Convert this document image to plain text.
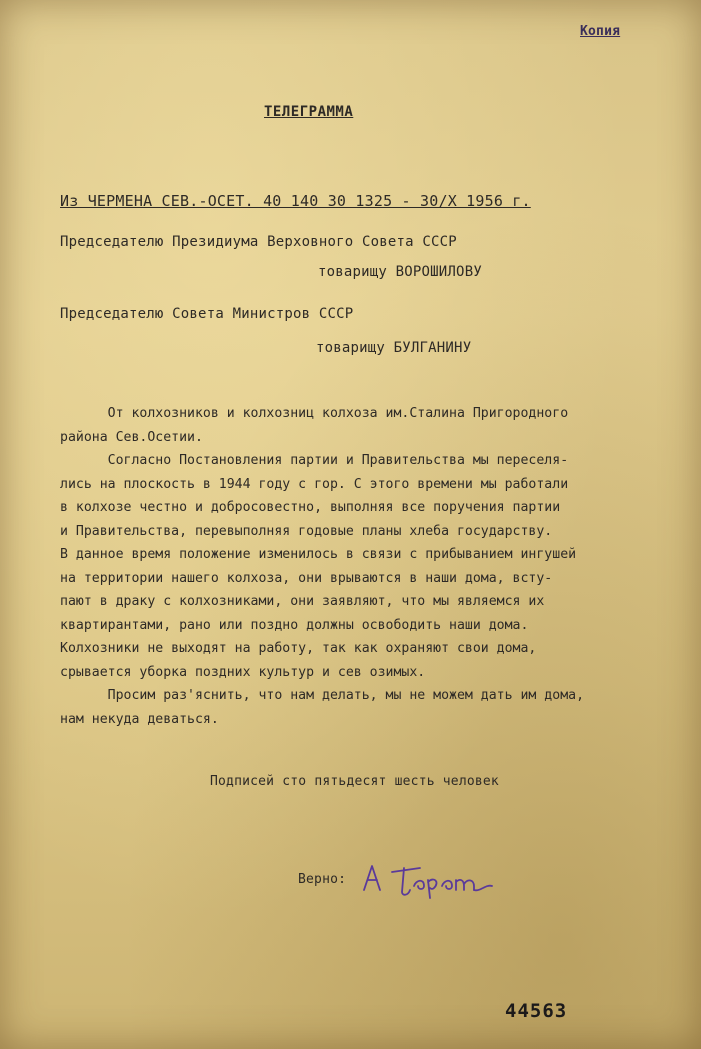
Копия
ТЕЛЕГРАММА
Из ЧЕРМЕНА СЕВ.-ОСЕТ. 40 140 30 1325 - 30/X 1956 г.
Председателю Президиума Верховного Совета СССР
товарищу ВОРОШИЛОВУ
Председателю Совета Министров СССР
товарищу БУЛГАНИНУ
От колхозников и колхозниц колхоза им.Сталина Пригородного
района Сев.Осетии.
Согласно Постановления партии и Правительства мы переселя-
лись на плоскость в 1944 году с гор. С этого времени мы работали
в колхозе честно и добросовестно, выполняя все поручения партии
и Правительства, перевыполняя годовые планы хлеба государству.
В данное время положение изменилось в связи с прибыванием ингушей
на территории нашего колхоза, они врываются в наши дома, всту-
пают в драку с колхозниками, они заявляют, что мы являемся их
квартирантами, рано или поздно должны освободить наши дома.
Колхозники не выходят на работу, так как охраняют свои дома,
срывается уборка поздних культур и сев озимых.
Просим раз'яснить, что нам делать, мы не можем дать им дома,
нам некуда деваться.
Подписей сто пятьдесят шесть человек
Верно:
44563
